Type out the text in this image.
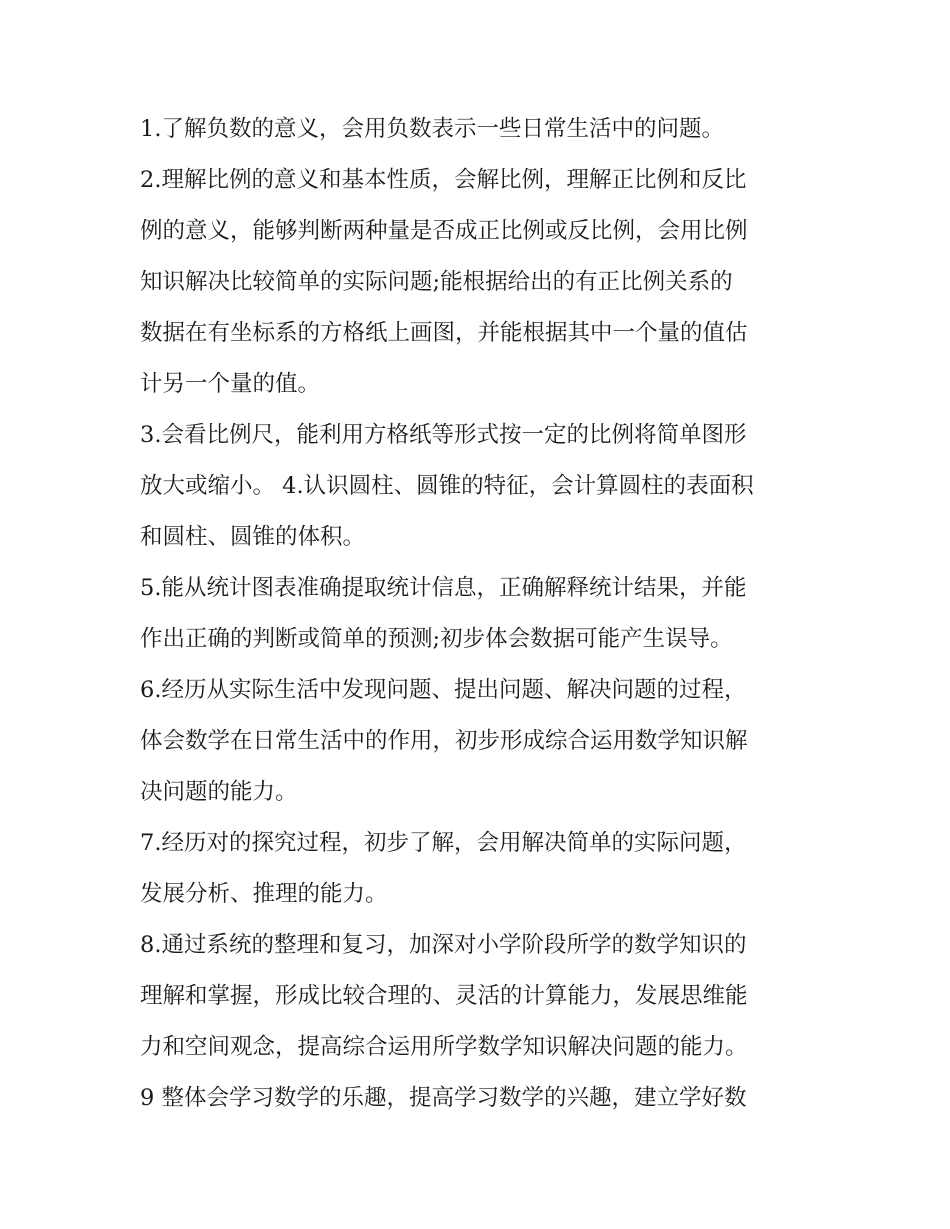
1.了解负数的意义，会用负数表示一些日常生活中的问题。
2.理解比例的意义和基本性质，会解比例，理解正比例和反比
例的意义，能够判断两种量是否成正比例或反比例，会用比例
知识解决比较简单的实际问题;能根据给出的有正比例关系的
数据在有坐标系的方格纸上画图，并能根据其中一个量的值估
计另一个量的值。
3.会看比例尺，能利用方格纸等形式按一定的比例将简单图形
放大或缩小。 4.认识圆柱、圆锥的特征，会计算圆柱的表面积
和圆柱、圆锥的体积。
5.能从统计图表准确提取统计信息，正确解释统计结果，并能
作出正确的判断或简单的预测;初步体会数据可能产生误导。
6.经历从实际生活中发现问题、提出问题、解决问题的过程，
体会数学在日常生活中的作用，初步形成综合运用数学知识解
决问题的能力。
7.经历对的探究过程，初步了解，会用解决简单的实际问题，
发展分析、推理的能力。
8.通过系统的整理和复习，加深对小学阶段所学的数学知识的
理解和掌握，形成比较合理的、灵活的计算能力，发展思维能
力和空间观念，提高综合运用所学数学知识解决问题的能力。
9 整体会学习数学的乐趣，提高学习数学的兴趣，建立学好数
